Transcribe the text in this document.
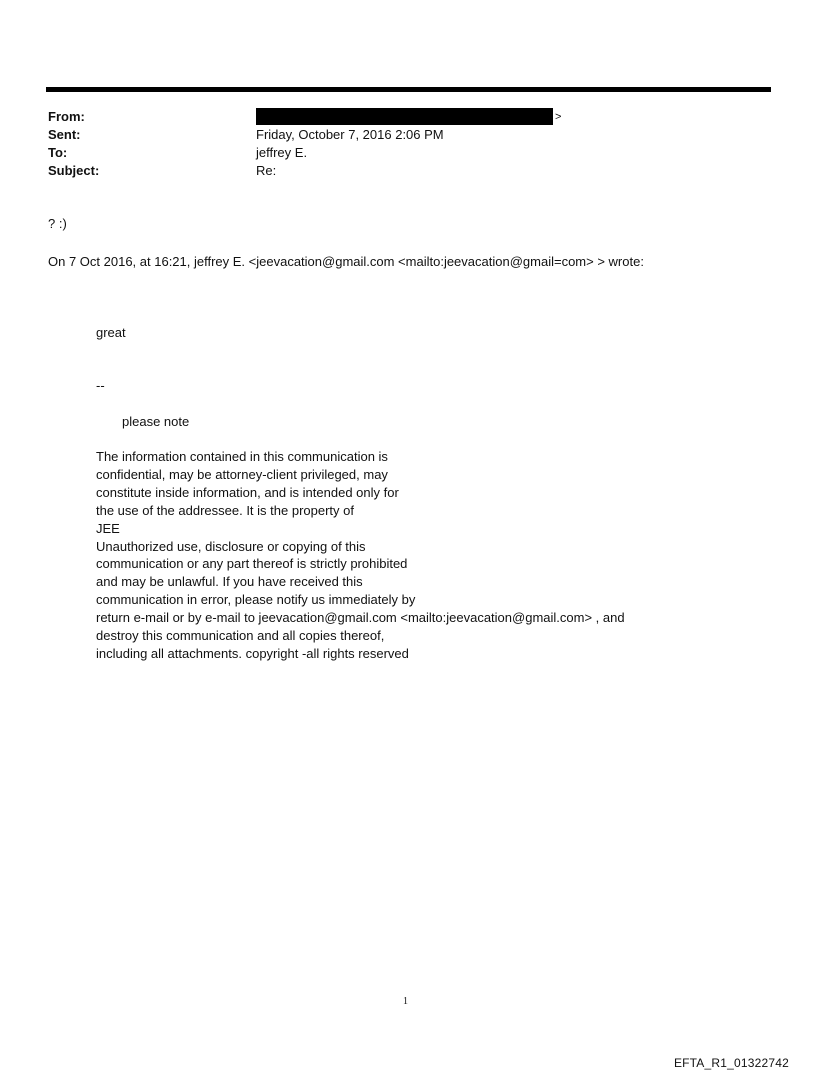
From:	>
Sent:	Friday, October 7, 2016 2:06 PM
To:	jeffrey E.
Subject:	Re:
? :)
On 7 Oct 2016, at 16:21, jeffrey E. <jeevacation@gmail.com <mailto:jeevacation@gmail=com> > wrote:
great
--
please note
The information contained in this communication is
confidential, may be attorney-client privileged, may
constitute inside information, and is intended only for
the use of the addressee. It is the property of
JEE
Unauthorized use, disclosure or copying of this
communication or any part thereof is strictly prohibited
and may be unlawful. If you have received this
communication in error, please notify us immediately by
return e-mail or by e-mail to jeevacation@gmail.com <mailto:jeevacation@gmail.com> , and
destroy this communication and all copies thereof,
including all attachments. copyright -all rights reserved
1
EFTA_R1_01322742
